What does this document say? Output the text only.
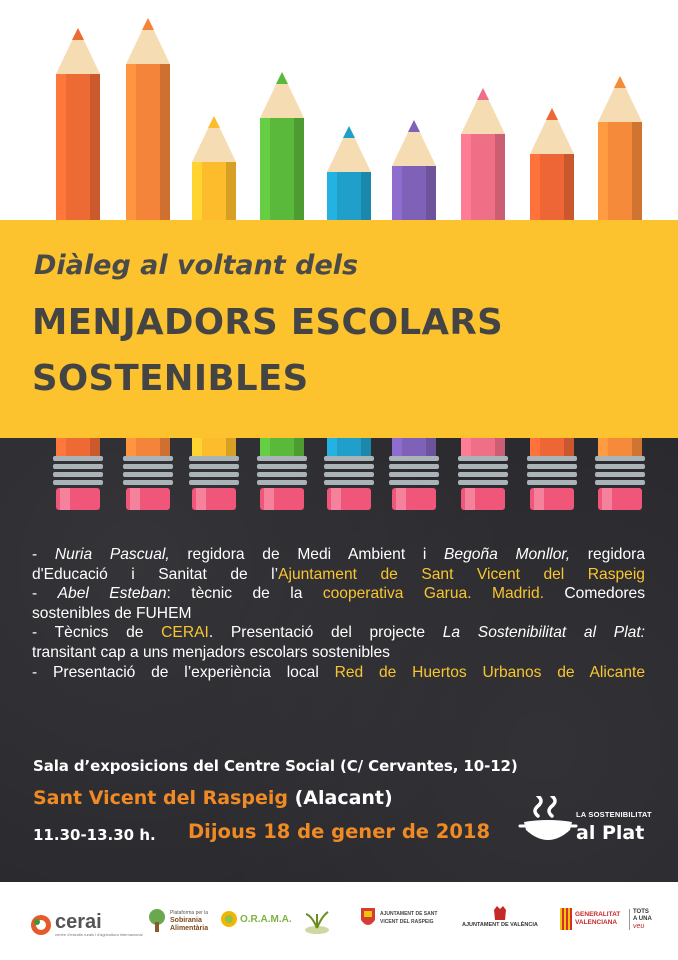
Diàleg al voltant dels
MENJADORS ESCOLARS
SOSTENIBLES
- Nuria Pascual, regidora de Medi Ambient i Begoña Monllor, regidora
d'Educació i Sanitat de l’Ajuntament de Sant Vicent del Raspeig
- Abel Esteban: tècnic de la cooperativa Garua. Madrid. Comedores
sostenibles de FUHEM
- Tècnics de CERAI. Presentació del projecte La Sostenibilitat al Plat:
transitant cap a uns menjadors escolars sostenibles
- Presentació de l’experiència local Red de Huertos Urbanos de Alicante
Sala d’exposicions del Centre Social (C/ Cervantes, 10-12)
Sant Vicent del Raspeig (Alacant)
11.30-13.30 h. Dijous 18 de gener de 2018
LA SOSTENIBILITAT
al Plat
cerai
centre d'estudis rurals i d'agricultura internacional
Plataforma per la
Sobirania
Alimentària
O.R.A.M.A.	AJUNTAMENT DE SANT VICENT DEL RASPEIG	AJUNTAMENT DE VALÈNCIA
GENERALITAT VALENCIANA
TOTS
A UNA
veu
